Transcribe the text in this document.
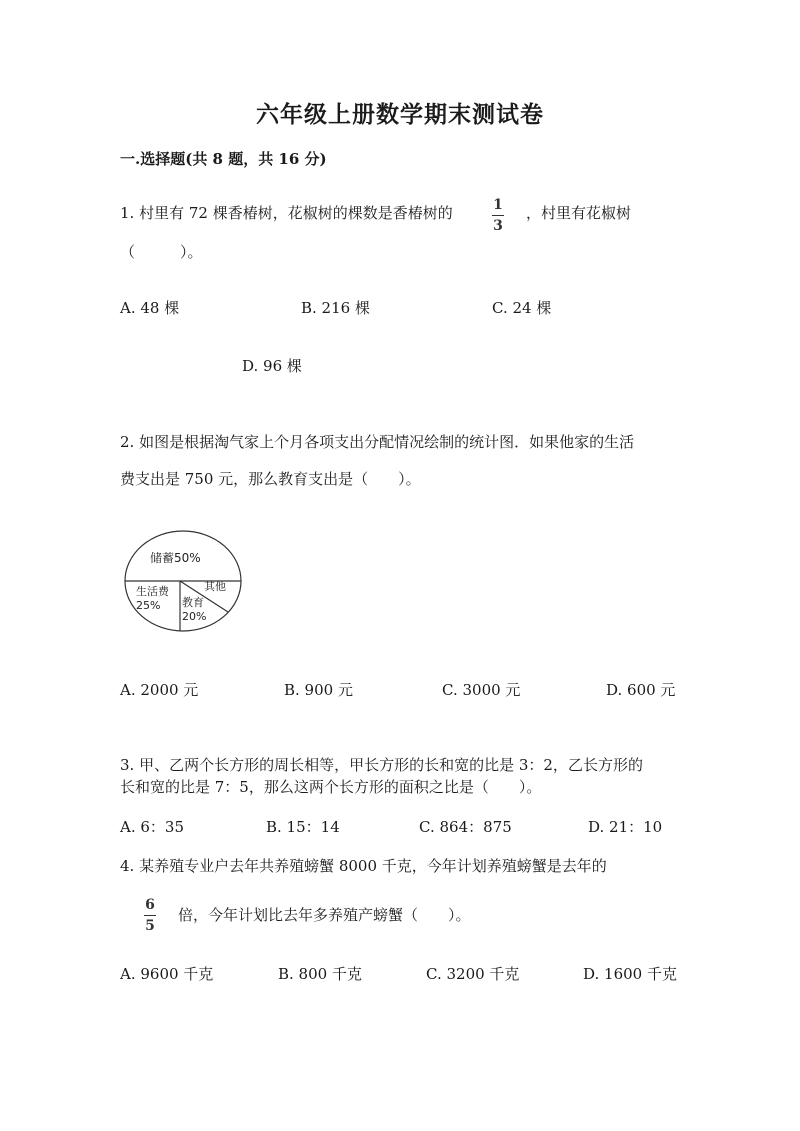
六年级上册数学期末测试卷
一.选择题(共 8 题，共 16 分)
1. 村里有 72 棵香椿树，花椒树的棵数是香椿树的	1
3
，村里有花椒树
（　　　）。
A. 48 棵	B. 216 棵	C. 24 棵
D. 96 棵
2. 如图是根据淘气家上个月各项支出分配情况绘制的统计图．如果他家的生活
费支出是 750 元，那么教育支出是（　　）。
储蓄50%
生活费
25%
其他
教育
20%
A. 2000 元	B. 900 元	C. 3000 元	D. 600 元
3. 甲、乙两个长方形的周长相等，甲长方形的长和宽的比是 3：2，乙长方形的
长和宽的比是 7：5，那么这两个长方形的面积之比是（　　）。
A. 6：35	B. 15：14	C. 864：875	D. 21：10
4. 某养殖专业户去年共养殖螃蟹 8000 千克，今年计划养殖螃蟹是去年的
6
5
倍，今年计划比去年多养殖产螃蟹（　　）。
A. 9600 千克	B. 800 千克	C. 3200 千克	D. 1600 千克
